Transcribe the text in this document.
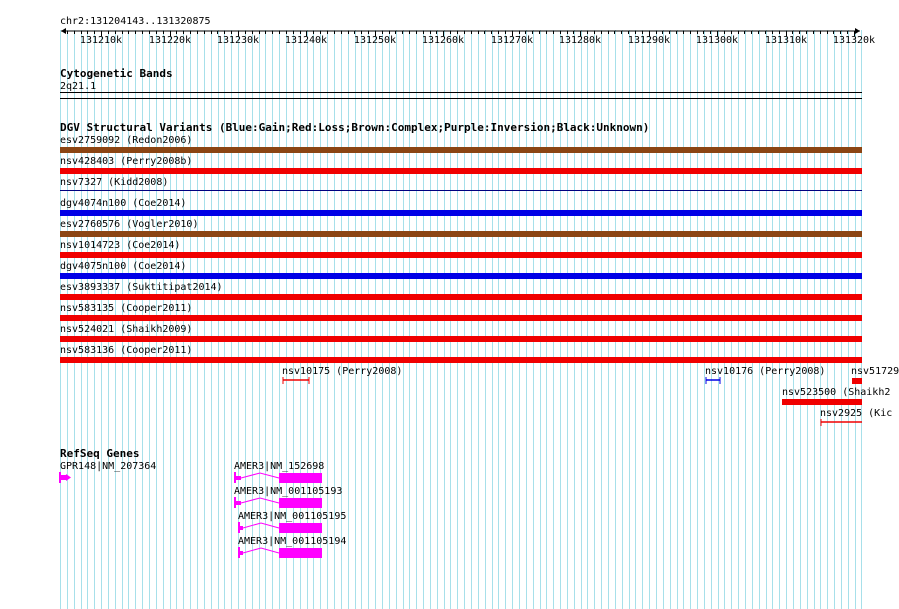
chr2:131204143..131320875
131210k	131220k	131230k	131240k	131250k	131260k	131270k	131280k	131290k	131300k	131310k	131320k
Cytogenetic Bands
2q21.1
DGV Structural Variants (Blue:Gain;Red:Loss;Brown:Complex;Purple:Inversion;Black:Unknown)
esv2759092 (Redon2006)
nsv428403 (Perry2008b)
nsv7327 (Kidd2008)
dgv4074n100 (Coe2014)
esv2760576 (Vogler2010)
nsv1014723 (Coe2014)
dgv4075n100 (Coe2014)
esv3893337 (Suktitipat2014)
nsv583135 (Cooper2011)
nsv524021 (Shaikh2009)
nsv583136 (Cooper2011)
nsv10175 (Perry2008)	nsv10176 (Perry2008)	nsv51729
nsv523500 (Shaikh2
nsv2925 (Kic
RefSeq Genes
GPR148|NM_207364	AMER3|NM_152698
AMER3|NM_001105193
AMER3|NM_001105195
AMER3|NM_001105194
